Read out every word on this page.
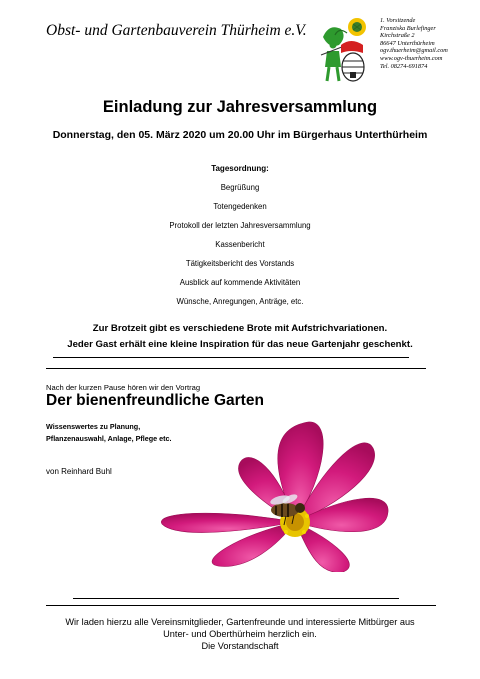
Obst- und Gartenbauverein Thürheim e.V.
1. Vorsitzende
Franziska Burlefinger
Kirchstraße 2
86647 Unterthürheim
ogv.thuerheim@gmail.com
www.ogv-thuerheim.com
Tel. 08274-691874
Einladung zur Jahresversammlung
Donnerstag, den 05. März 2020 um 20.00 Uhr im Bürgerhaus Unterthürheim
Tagesordnung:
Begrüßung
Totengedenken
Protokoll der letzten Jahresversammlung
Kassenbericht
Tätigkeitsbericht des Vorstands
Ausblick auf kommende Aktivitäten
Wünsche, Anregungen, Anträge, etc.
Zur Brotzeit gibt es verschiedene Brote mit Aufstrichvariationen.
Jeder Gast erhält eine kleine Inspiration für das neue Gartenjahr geschenkt.
Nach der kurzen Pause hören wir den Vortrag
Der bienenfreundliche Garten
Wissenswertes zu Planung,
Pflanzenauswahl, Anlage, Pflege etc.
von Reinhard Buhl
Wir laden hierzu alle Vereinsmitglieder, Gartenfreunde und interessierte Mitbürger aus
Unter- und Oberthürheim herzlich ein.
Die Vorstandschaft
